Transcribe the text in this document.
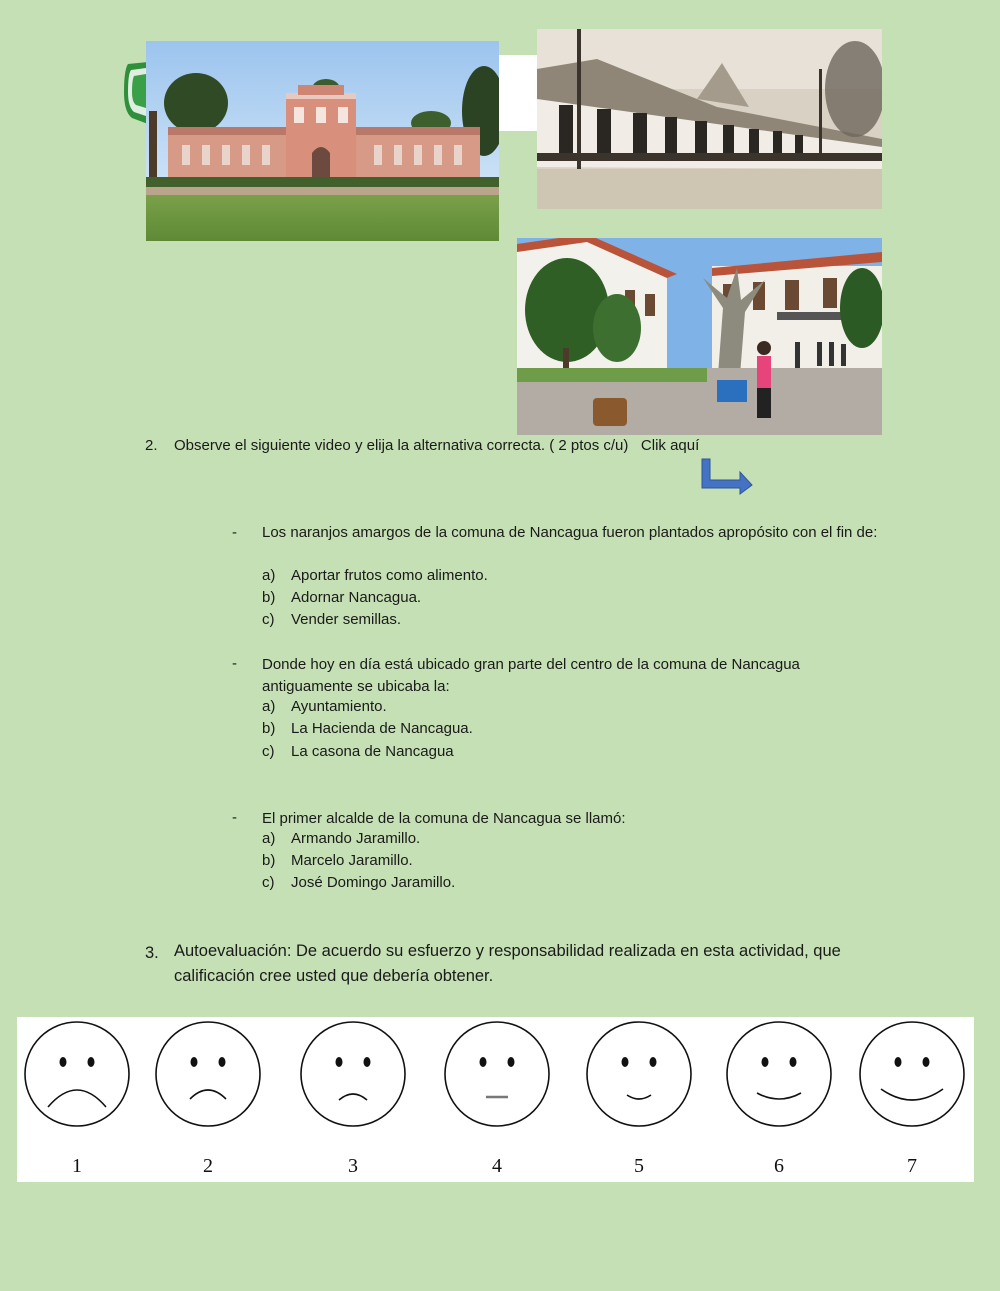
2. Observe el siguiente video y elija la alternativa correcta. ( 2 ptos c/u) Clik aquí
- Los naranjos amargos de la comuna de Nancagua fueron plantados apropósito con el fin de:
a) Aportar frutos como alimento.
b) Adornar Nancagua.
c) Vender semillas.
- Donde hoy en día está ubicado gran parte del centro de la comuna de Nancagua antiguamente se ubicaba la:
a) Ayuntamiento.
b) La Hacienda de Nancagua.
c) La casona de Nancagua
- El primer alcalde de la comuna de Nancagua se llamó:
a) Armando Jaramillo.
b) Marcelo Jaramillo.
c) José Domingo Jaramillo.
3. Autoevaluación: De acuerdo su esfuerzo y responsabilidad realizada en esta actividad, que calificación cree usted que debería obtener.
1	2	3	4	5	6	7
